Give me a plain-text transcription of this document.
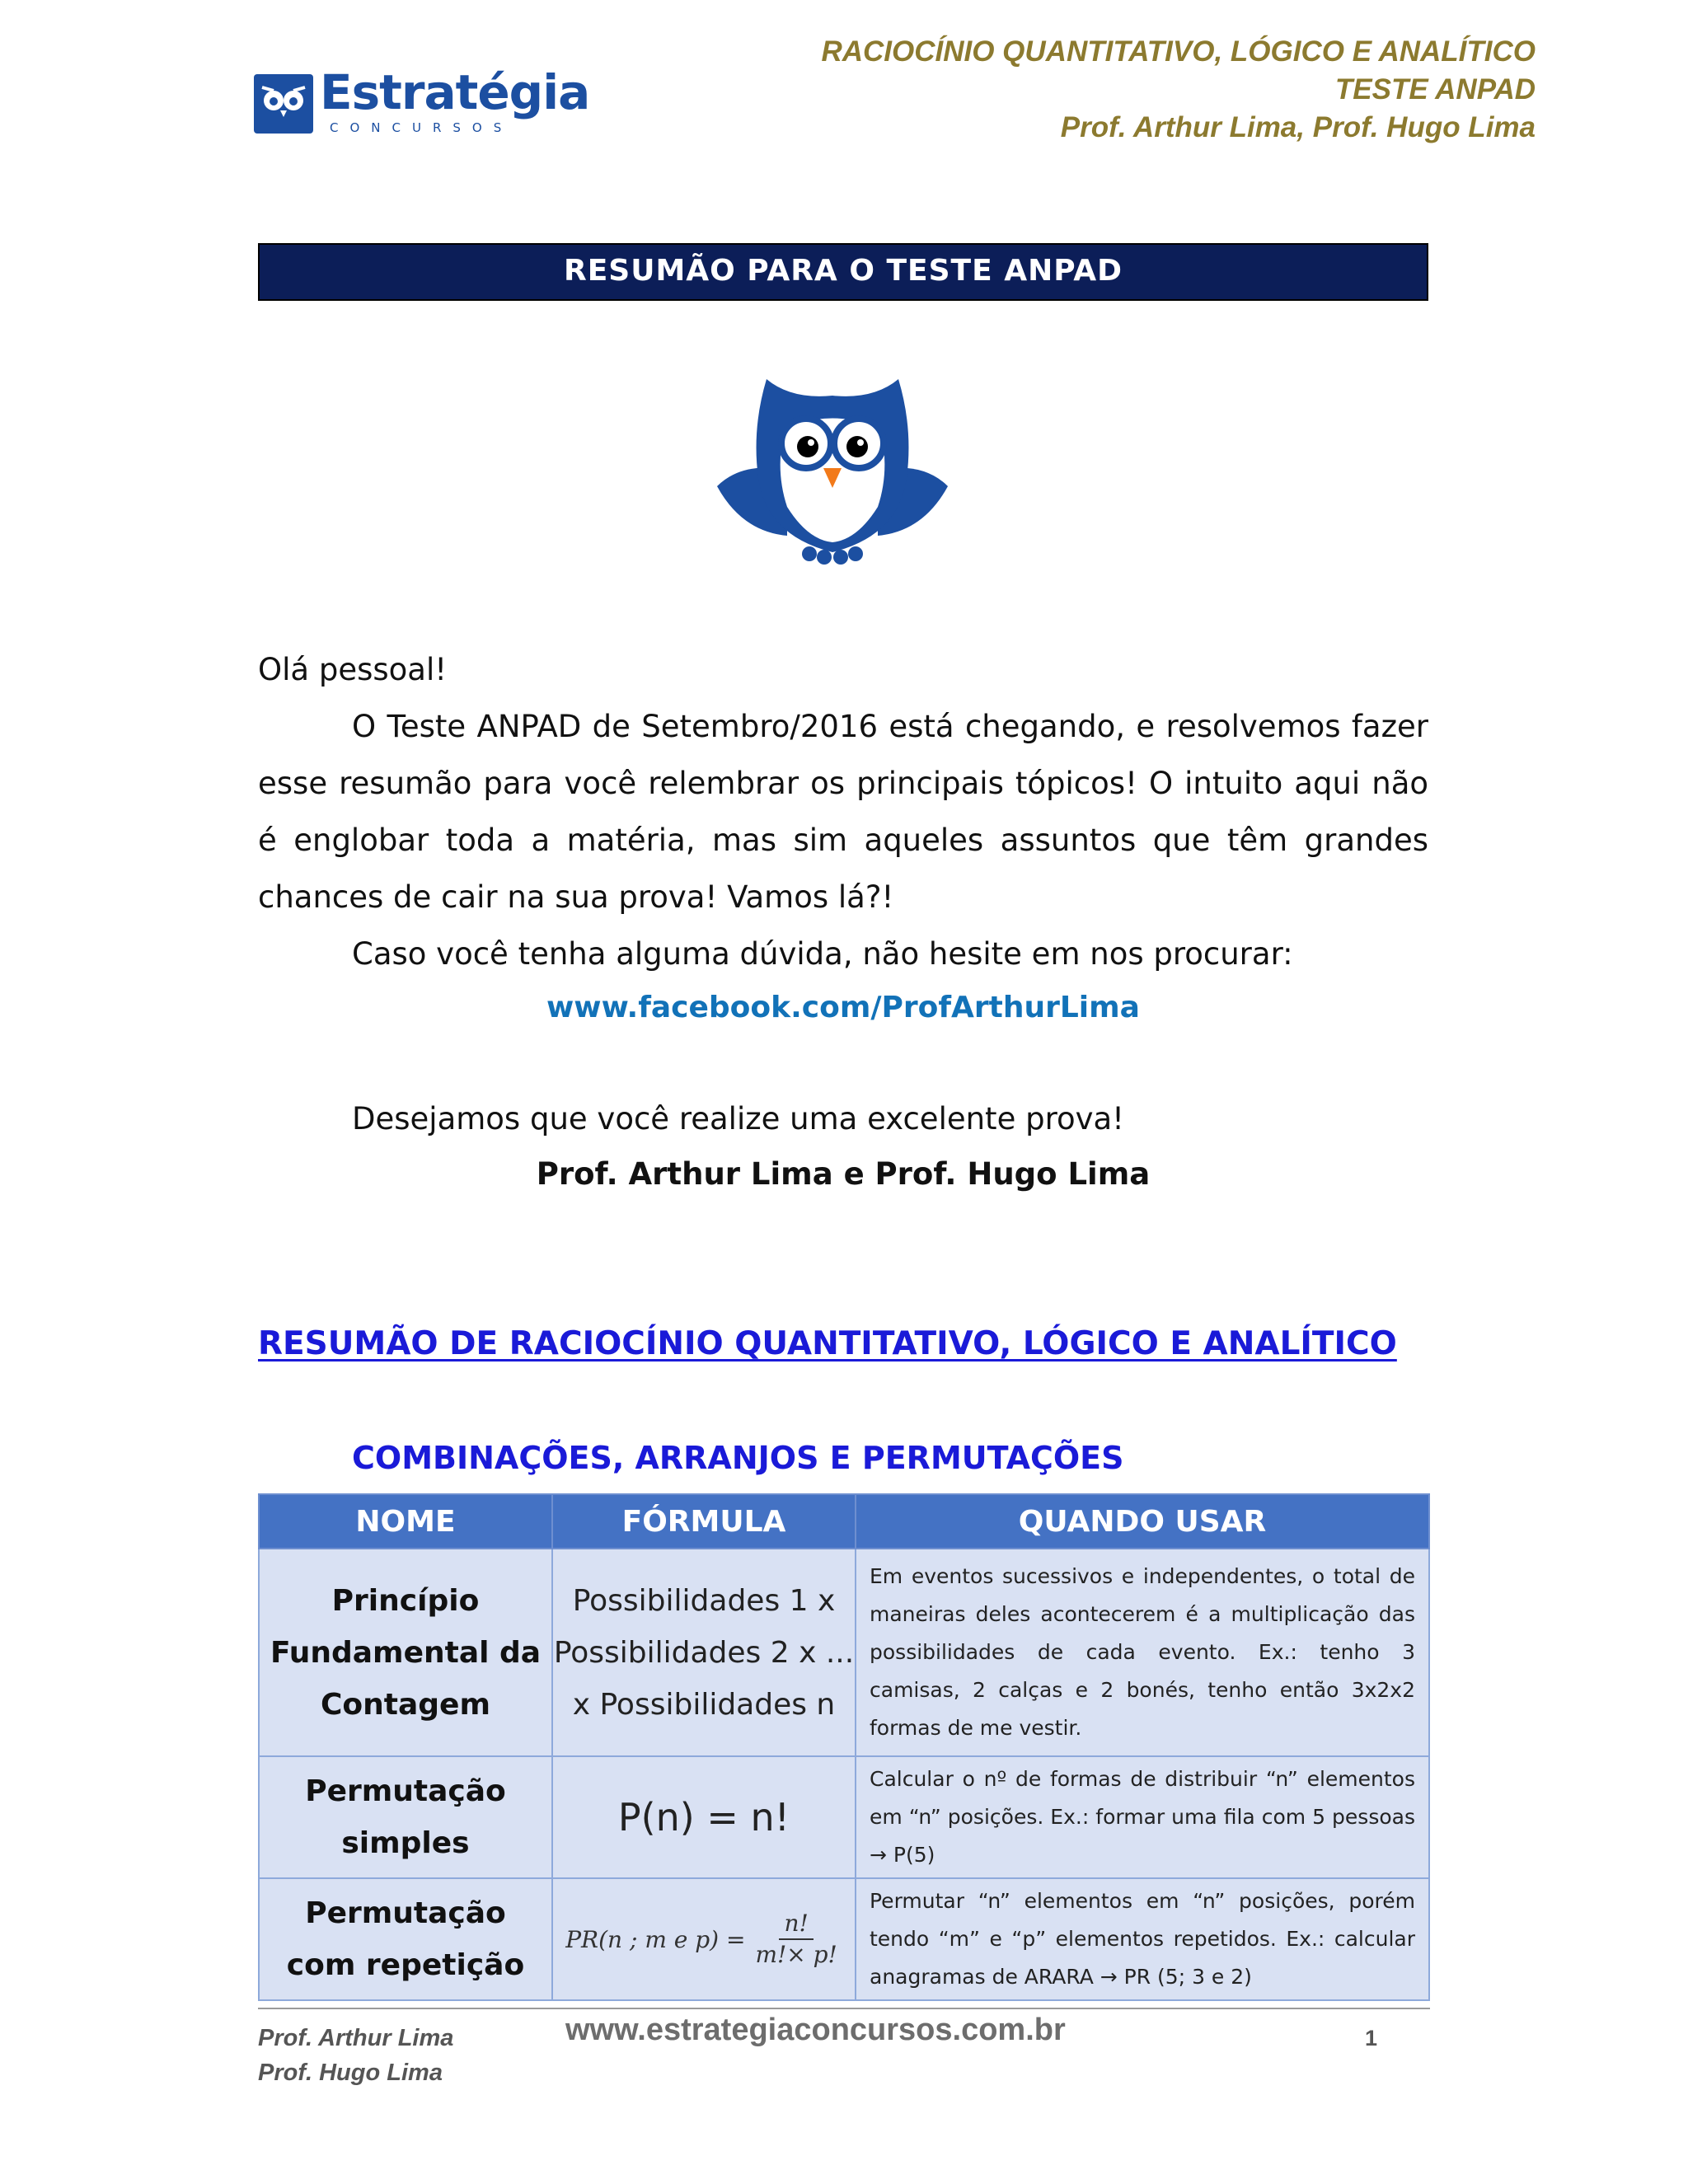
Estratégia
CONCURSOS
RACIOCÍNIO QUANTITATIVO, LÓGICO E ANALÍTICO
TESTE ANPAD
Prof. Arthur Lima, Prof. Hugo Lima
RESUMÃO PARA O TESTE ANPAD
Olá pessoal!
O Teste ANPAD de Setembro/2016 está chegando, e resolvemos fazer esse resumão para você relembrar os principais tópicos! O intuito aqui não é englobar toda a matéria, mas sim aqueles assuntos que têm grandes chances de cair na sua prova! Vamos lá?!
Caso você tenha alguma dúvida, não hesite em nos procurar:
www.facebook.com/ProfArthurLima
Desejamos que você realize uma excelente prova!
Prof. Arthur Lima e Prof. Hugo Lima
RESUMÃO DE RACIOCÍNIO QUANTITATIVO, LÓGICO E ANALÍTICO
COMBINAÇÕES, ARRANJOS E PERMUTAÇÕES
NOME	FÓRMULA	QUANDO USAR
Princípio Fundamental da Contagem	Possibilidades 1 x Possibilidades 2 x ... x Possibilidades n	Em eventos sucessivos e independentes, o total de maneiras deles acontecerem é a multiplicação das possibilidades de cada evento. Ex.: tenho 3 camisas, 2 calças e 2 bonés, tenho então 3x2x2 formas de me vestir.
Permutação simples	P(n) = n!	Calcular o nº de formas de distribuir “n” elementos em “n” posições. Ex.: formar uma fila com 5 pessoas → P(5)
Permutação com repetição	PR(n ; m e $p) = \frac{n!}{m!\times p!}$	Permutar “n” elementos em “n” posições, porém tendo “m” e “p” elementos repetidos. Ex.: calcular anagramas de ARARA → PR (5; 3 e 2)
Prof. Arthur Lima
Prof. Hugo Lima
www.estrategiaconcursos.com.br	1
